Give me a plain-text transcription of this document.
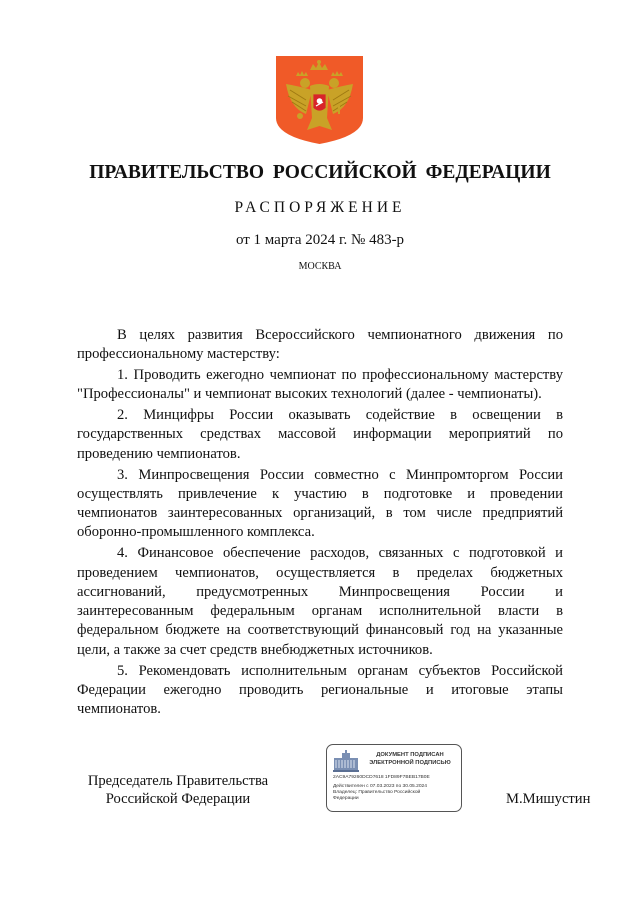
ПРАВИТЕЛЬСТВО РОССИЙСКОЙ ФЕДЕРАЦИИ
РАСПОРЯЖЕНИЕ
от 1 марта 2024 г. № 483-р
МОСКВА

В целях развития Всероссийского чемпионатного движения по профессиональному мастерству:

1. Проводить ежегодно чемпионат по профессиональному мастерству "Профессионалы" и чемпионат высоких технологий (далее - чемпионаты).

2. Минцифры России оказывать содействие в освещении в государственных средствах массовой информации мероприятий по проведению чемпионатов.

3. Минпросвещения России совместно с Минпромторгом России осуществлять привлечение к участию в подготовке и проведении чемпионатов заинтересованных организаций, в том числе предприятий оборонно-промышленного комплекса.

4. Финансовое обеспечение расходов, связанных с подготовкой и проведением чемпионатов, осуществляется в пределах бюджетных ассигнований, предусмотренных Минпросвещения России и заинтересованным федеральным органам исполнительной власти в федеральном бюджете на соответствующий финансовый год на указанные цели, а также за счет средств внебюджетных источников.

5. Рекомендовать исполнительным органам субъектов Российской Федерации ежегодно проводить региональные и итоговые этапы чемпионатов.

Председатель Правительства
Российской Федерации
ДОКУМЕНТ ПОДПИСАН
ЭЛЕКТРОННОЙ ПОДПИСЬЮ
2AC9A79260DCD7618 1FD89F7BEB17B0E
Действителен с 07.03.2023 по 30.05.2024
Владелец: Правительство Российской
Федерации	М.Мишустин
